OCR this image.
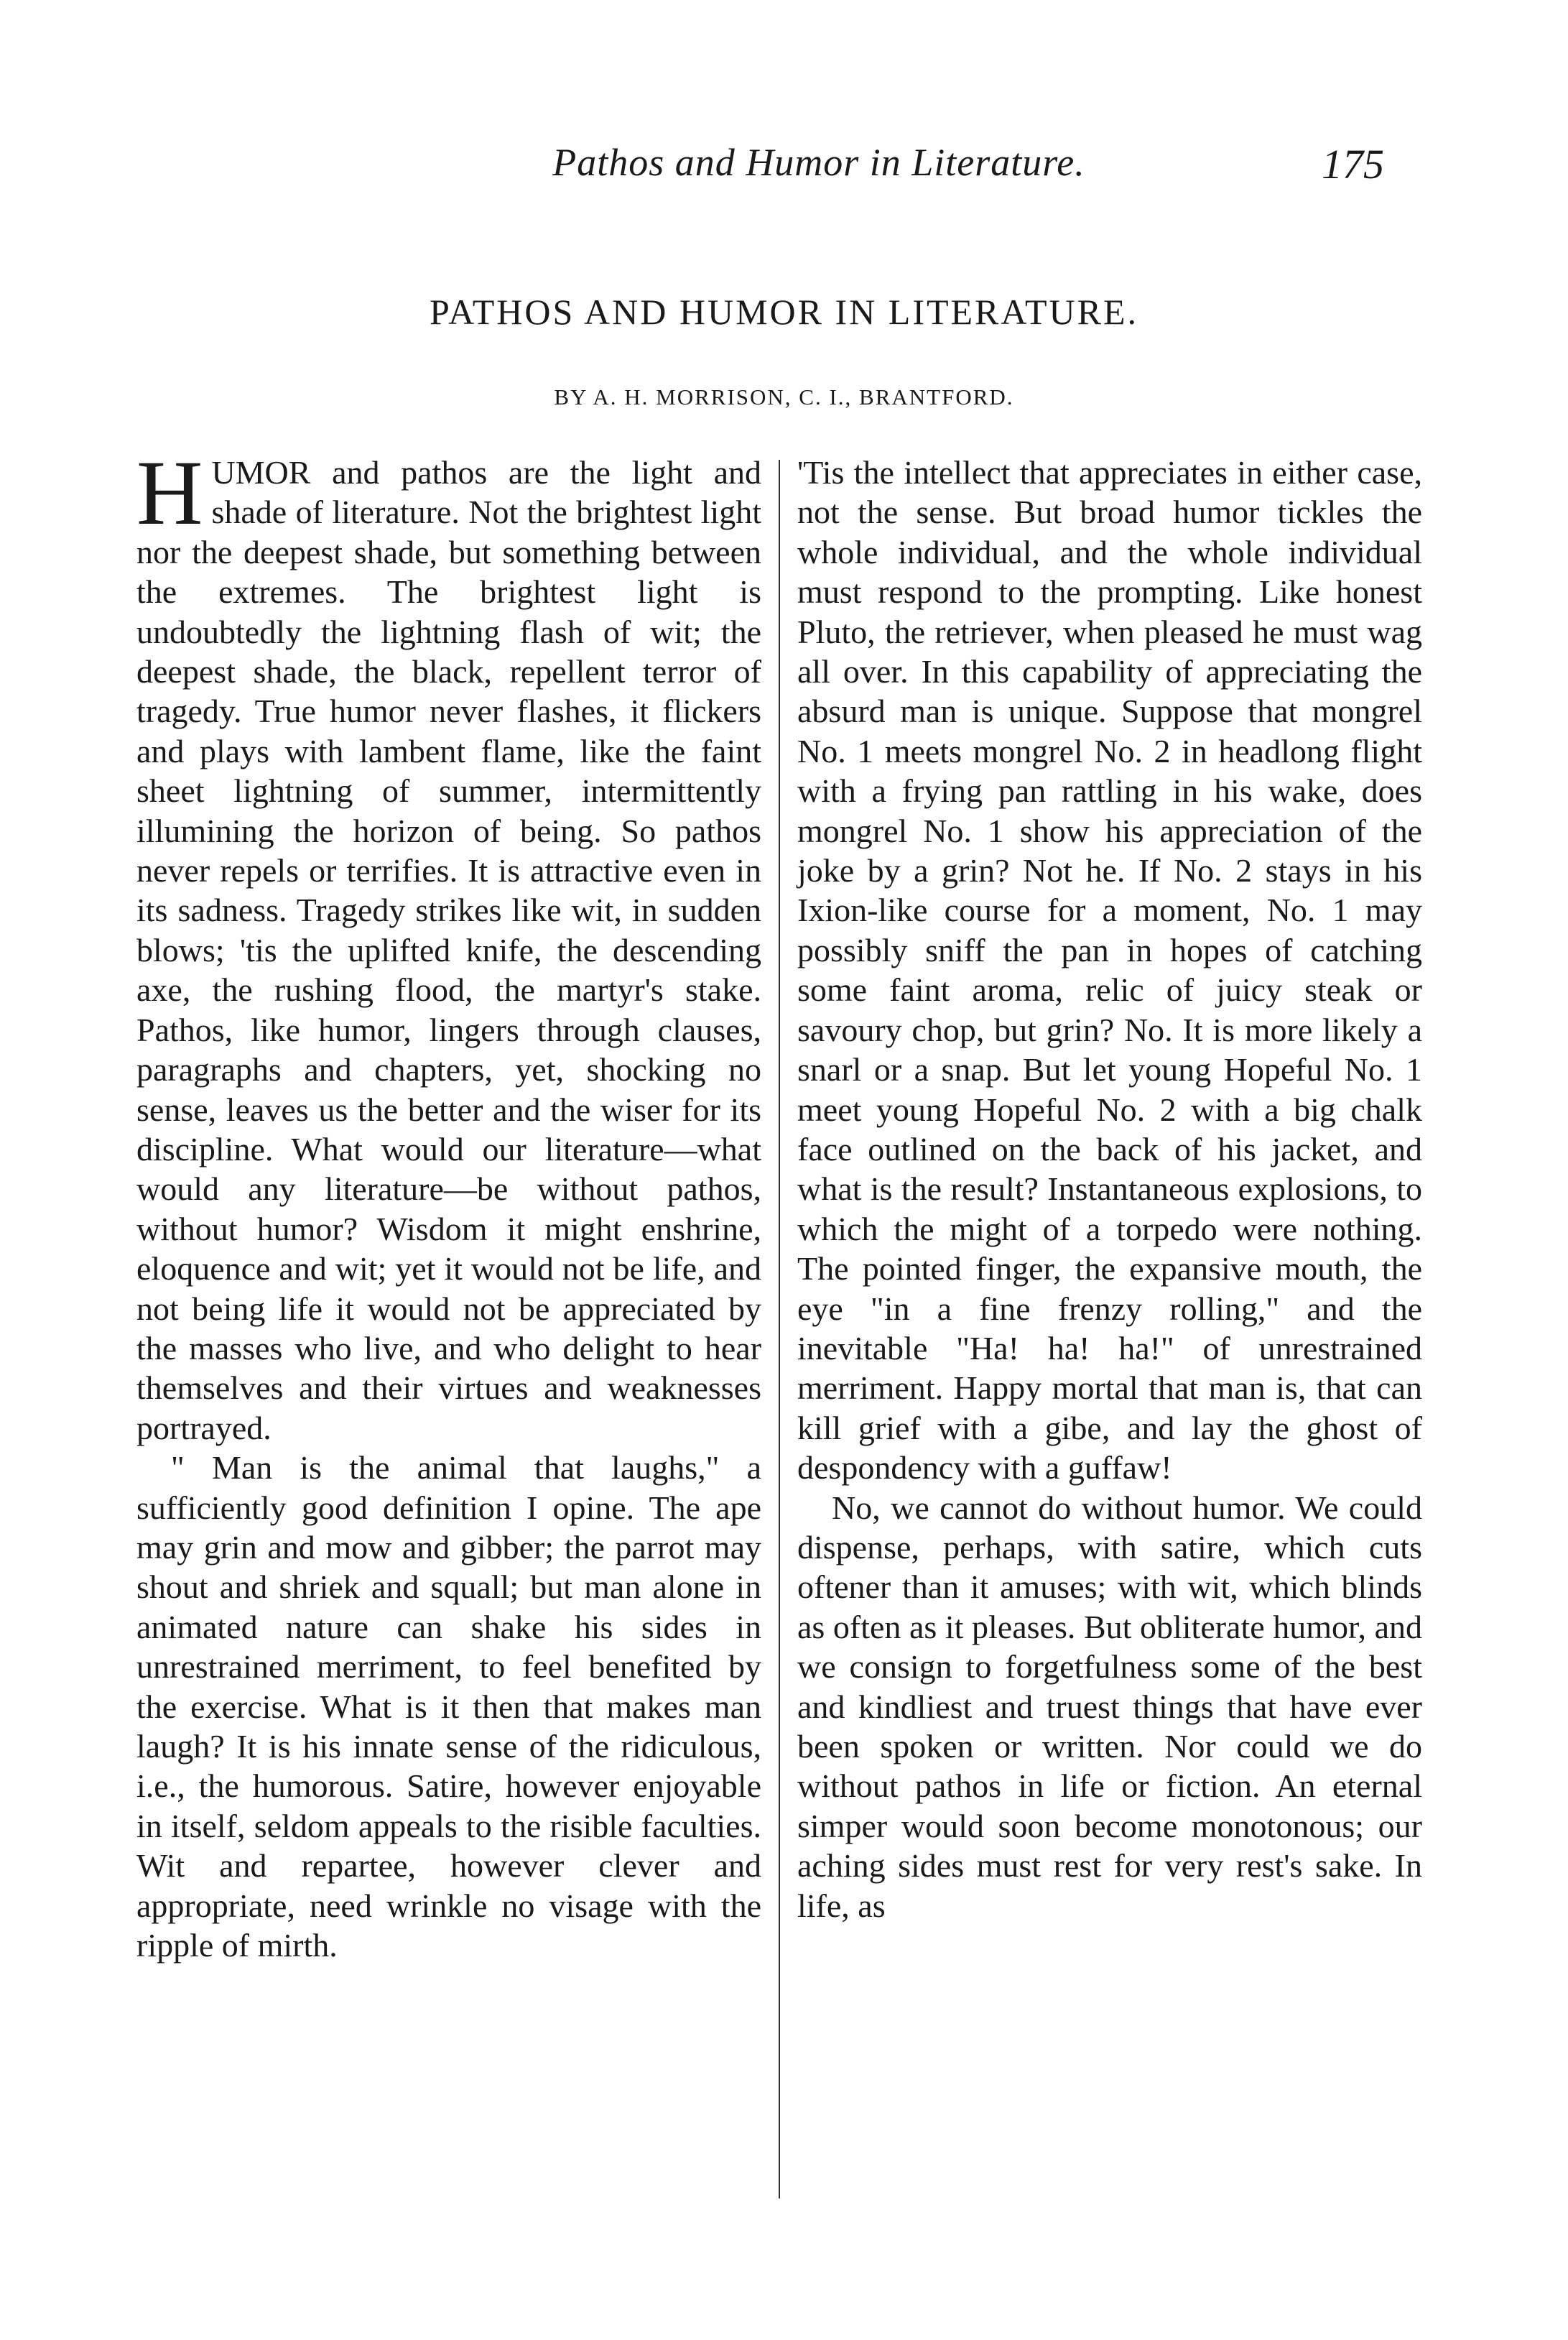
Pathos and Humor in Literature.	175
PATHOS AND HUMOR IN LITERATURE.
BY A. H. MORRISON, C. I., BRANTFORD.

HUMOR and pathos are the light and shade of literature. Not the brightest light nor the deepest shade, but something between the extremes. The brightest light is undoubtedly the lightning flash of wit; the deepest shade, the black, repellent terror of tragedy. True humor never flashes, it flickers and plays with lambent flame, like the faint sheet lightning of summer, intermittently illumining the horizon of being. So pathos never repels or terrifies. It is attractive even in its sadness. Tragedy strikes like wit, in sudden blows; 'tis the uplifted knife, the descending axe, the rushing flood, the martyr's stake. Pathos, like humor, lingers through clauses, paragraphs and chapters, yet, shocking no sense, leaves us the better and the wiser for its discipline. What would our literature—what would any literature—be without pathos, without humor? Wisdom it might enshrine, eloquence and wit; yet it would not be life, and not being life it would not be appreciated by the masses who live, and who delight to hear themselves and their virtues and weaknesses portrayed.

" Man is the animal that laughs," a sufficiently good definition I opine. The ape may grin and mow and gibber; the parrot may shout and shriek and squall; but man alone in animated nature can shake his sides in unrestrained merriment, to feel benefited by the exercise. What is it then that makes man laugh? It is his innate sense of the ridiculous, i.e., the humorous. Satire, however enjoyable in itself, seldom appeals to the risible faculties. Wit and repartee, however clever and appropriate, need wrinkle no visage with the ripple of mirth.

'Tis the intellect that appreciates in either case, not the sense. But broad humor tickles the whole individual, and the whole individual must respond to the prompting. Like honest Pluto, the retriever, when pleased he must wag all over. In this capability of appreciating the absurd man is unique. Suppose that mongrel No. 1 meets mongrel No. 2 in headlong flight with a frying pan rattling in his wake, does mongrel No. 1 show his appreciation of the joke by a grin? Not he. If No. 2 stays in his Ixion-like course for a moment, No. 1 may possibly sniff the pan in hopes of catching some faint aroma, relic of juicy steak or savoury chop, but grin? No. It is more likely a snarl or a snap. But let young Hopeful No. 1 meet young Hopeful No. 2 with a big chalk face outlined on the back of his jacket, and what is the result? Instantaneous explosions, to which the might of a torpedo were nothing. The pointed finger, the expansive mouth, the eye "in a fine frenzy rolling," and the inevitable "Ha! ha! ha!" of unrestrained merriment. Happy mortal that man is, that can kill grief with a gibe, and lay the ghost of despondency with a guffaw!

No, we cannot do without humor. We could dispense, perhaps, with satire, which cuts oftener than it amuses; with wit, which blinds as often as it pleases. But obliterate humor, and we consign to forgetfulness some of the best and kindliest and truest things that have ever been spoken or written. Nor could we do without pathos in life or fiction. An eternal simper would soon become monotonous; our aching sides must rest for very rest's sake. In life, as
